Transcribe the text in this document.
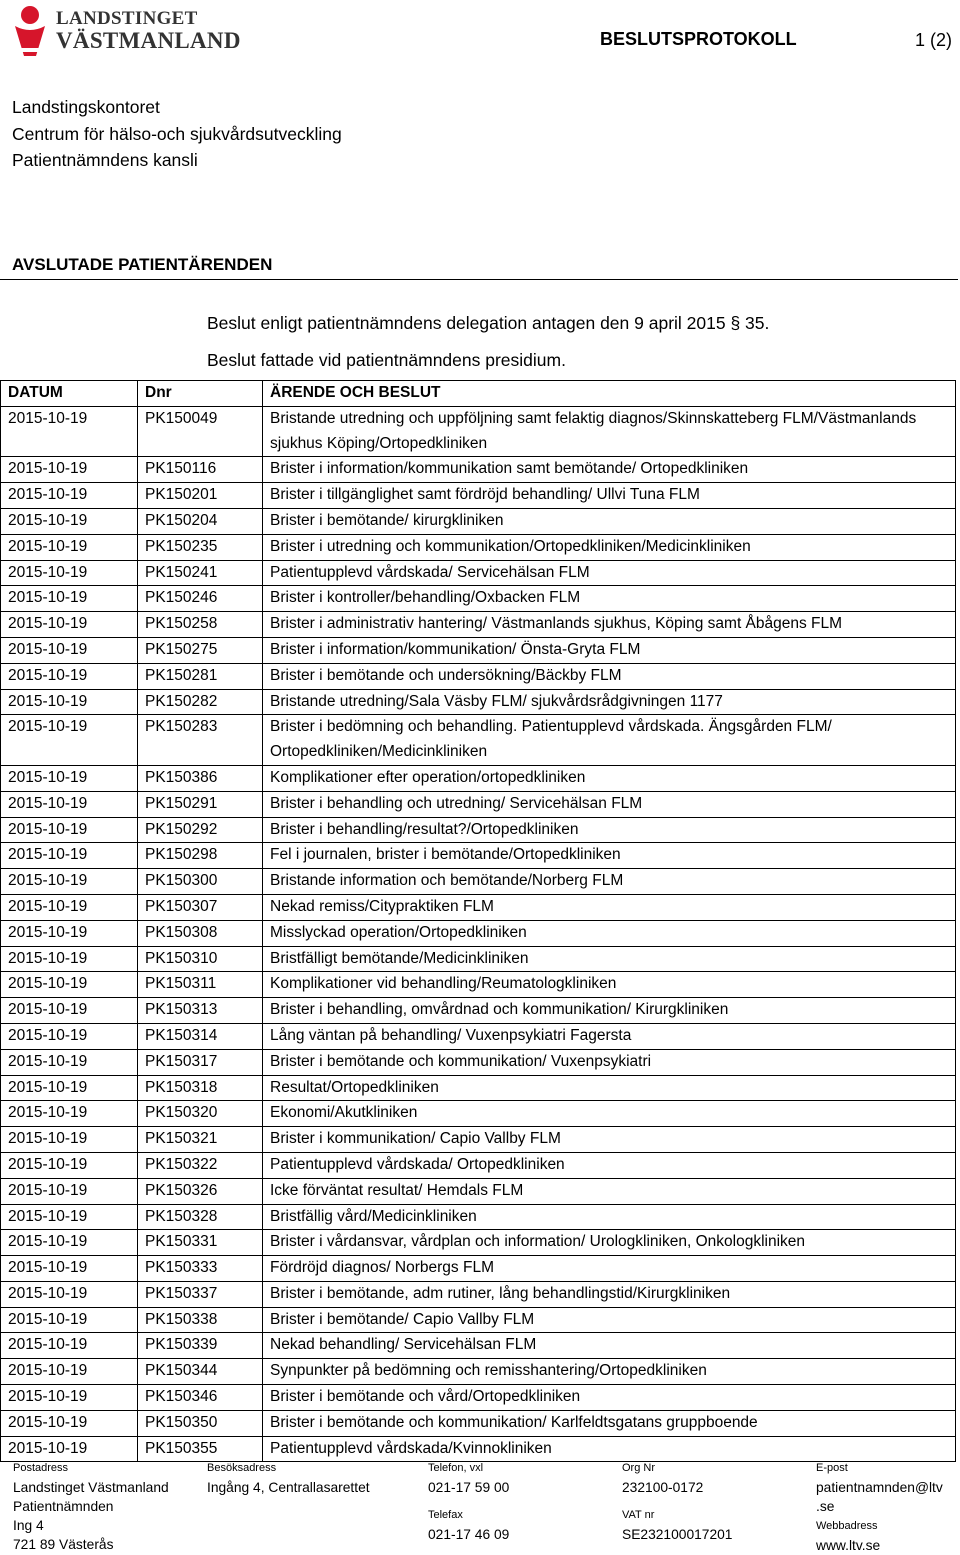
LANDSTINGET
VÄSTMANLAND	BESLUTSPROTOKOLL	1 (2)
Landstingskontoret
Centrum för hälso-och sjukvårdsutveckling
Patientnämndens kansli
AVSLUTADE PATIENTÄRENDEN
Beslut enligt patientnämndens delegation antagen den 9 april 2015 § 35.
Beslut fattade vid patientnämndens presidium.
DATUM	Dnr	ÄRENDE OCH BESLUT
2015-10-19	PK150049	Bristande utredning och uppföljning samt felaktig diagnos/Skinnskatteberg FLM/Västmanlands sjukhus Köping/Ortopedkliniken
2015-10-19	PK150116	Brister i information/kommunikation samt bemötande/ Ortopedkliniken
2015-10-19	PK150201	Brister i tillgänglighet samt fördröjd behandling/ Ullvi Tuna FLM
2015-10-19	PK150204	Brister i bemötande/ kirurgkliniken
2015-10-19	PK150235	Brister i utredning och kommunikation/Ortopedkliniken/Medicinkliniken
2015-10-19	PK150241	Patientupplevd vårdskada/ Servicehälsan FLM
2015-10-19	PK150246	Brister i kontroller/behandling/Oxbacken FLM
2015-10-19	PK150258	Brister i administrativ hantering/ Västmanlands sjukhus, Köping samt Åbågens FLM
2015-10-19	PK150275	Brister i information/kommunikation/ Önsta-Gryta FLM
2015-10-19	PK150281	Brister i bemötande och undersökning/Bäckby FLM
2015-10-19	PK150282	Bristande utredning/Sala Väsby FLM/ sjukvårdsrådgivningen 1177
2015-10-19	PK150283	Brister i bedömning och behandling. Patientupplevd vårdskada. Ängsgården FLM/ Ortopedkliniken/Medicinkliniken
2015-10-19	PK150386	Komplikationer efter operation/ortopedkliniken
2015-10-19	PK150291	Brister i behandling och utredning/ Servicehälsan FLM
2015-10-19	PK150292	Brister i behandling/resultat?/Ortopedkliniken
2015-10-19	PK150298	Fel i journalen, brister i bemötande/Ortopedkliniken
2015-10-19	PK150300	Bristande information och bemötande/Norberg FLM
2015-10-19	PK150307	Nekad remiss/Citypraktiken FLM
2015-10-19	PK150308	Misslyckad operation/Ortopedkliniken
2015-10-19	PK150310	Bristfälligt bemötande/Medicinkliniken
2015-10-19	PK150311	Komplikationer vid behandling/Reumatologkliniken
2015-10-19	PK150313	Brister i behandling, omvårdnad och kommunikation/ Kirurgkliniken
2015-10-19	PK150314	Lång väntan på behandling/ Vuxenpsykiatri Fagersta
2015-10-19	PK150317	Brister i bemötande och kommunikation/ Vuxenpsykiatri
2015-10-19	PK150318	Resultat/Ortopedkliniken
2015-10-19	PK150320	Ekonomi/Akutkliniken
2015-10-19	PK150321	Brister i kommunikation/ Capio Vallby FLM
2015-10-19	PK150322	Patientupplevd vårdskada/ Ortopedkliniken
2015-10-19	PK150326	Icke förväntat resultat/ Hemdals FLM
2015-10-19	PK150328	Bristfällig vård/Medicinkliniken
2015-10-19	PK150331	Brister i vårdansvar, vårdplan och information/ Urologkliniken, Onkologkliniken
2015-10-19	PK150333	Fördröjd diagnos/ Norbergs FLM
2015-10-19	PK150337	Brister i bemötande, adm rutiner, lång behandlingstid/Kirurgkliniken
2015-10-19	PK150338	Brister i bemötande/ Capio Vallby FLM
2015-10-19	PK150339	Nekad behandling/ Servicehälsan FLM
2015-10-19	PK150344	Synpunkter på bedömning och remisshantering/Ortopedkliniken
2015-10-19	PK150346	Brister i bemötande och vård/Ortopedkliniken
2015-10-19	PK150350	Brister i bemötande och kommunikation/ Karlfeldtsgatans gruppboende
2015-10-19	PK150355	Patientupplevd vårdskada/Kvinnokliniken
Postadress
Landstinget Västmanland
Patientnämnden
Ing 4
721 89 Västerås
Besöksadress
Ingång 4, Centrallasarettet
Telefon, vxl
021-17 59 00
Telefax
021-17 46 09
Org Nr
232100-0172
VAT nr
SE232100017201
E-post
patientnamnden@ltv
.se
Webbadress
www.ltv.se
